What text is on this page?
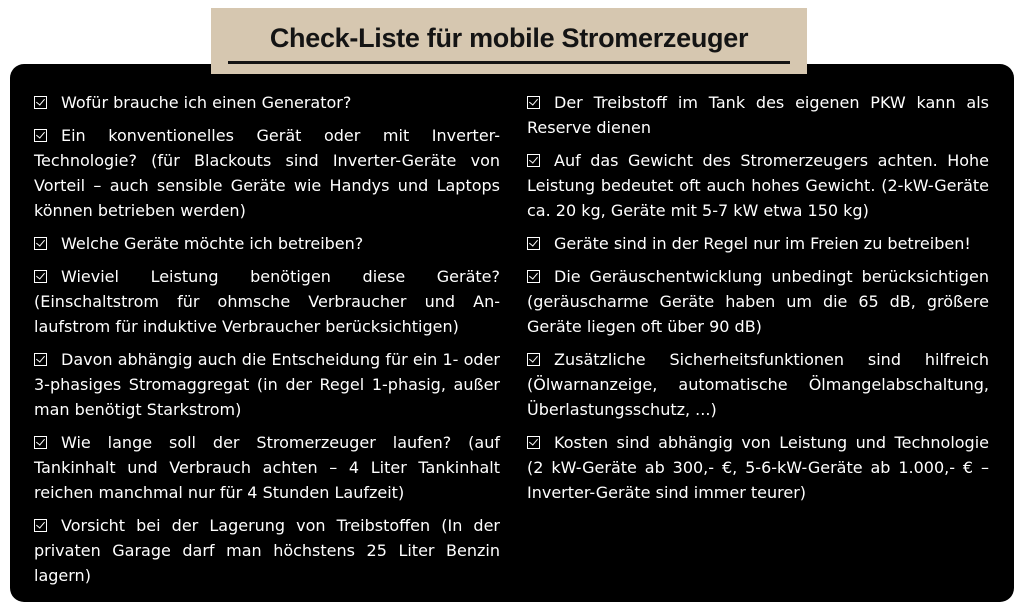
Check-Liste für mobile Stromerzeuger
Wofür brauche ich einen Generator?
Ein konventionelles Gerät oder mit Inverter-Technologie? (für Blackouts sind Inverter-Geräte von Vorteil – auch sensible Geräte wie Handys und Laptops können betrieben werden)
Welche Geräte möchte ich betreiben?
Wieviel Leistung benötigen diese Geräte? (Einschaltstrom für ohmsche Verbraucher und Anlaufstrom für induktive Verbraucher berücksichtigen)
Davon abhängig auch die Entscheidung für ein 1- oder 3-phasiges Stromaggregat (in der Regel 1-phasig, außer man benötigt Starkstrom)
Wie lange soll der Stromerzeuger laufen? (auf Tankinhalt und Verbrauch achten – 4 Liter Tankinhalt reichen manchmal nur für 4 Stunden Laufzeit)
Vorsicht bei der Lagerung von Treibstoffen (In der privaten Garage darf man höchstens 25 Liter Benzin lagern)
Der Treibstoff im Tank des eigenen PKW kann als Reserve dienen
Auf das Gewicht des Stromerzeugers achten. Hohe Leistung bedeutet oft auch hohes Gewicht. (2-kW-Geräte ca. 20 kg, Geräte mit 5-7 kW etwa 150 kg)
Geräte sind in der Regel nur im Freien zu betreiben!
Die Geräuschentwicklung unbedingt berücksichtigen (geräuscharme Geräte haben um die 65 dB, größere Geräte liegen oft über 90 dB)
Zusätzliche Sicherheitsfunktionen sind hilfreich (Ölwarnanzeige, automatische Ölmangelabschaltung, Überlastungsschutz, ...)
Kosten sind abhängig von Leistung und Technologie (2 kW-Geräte ab 300,- €, 5-6-kW-Geräte ab 1.000,- € – Inverter-Geräte sind immer teurer)
